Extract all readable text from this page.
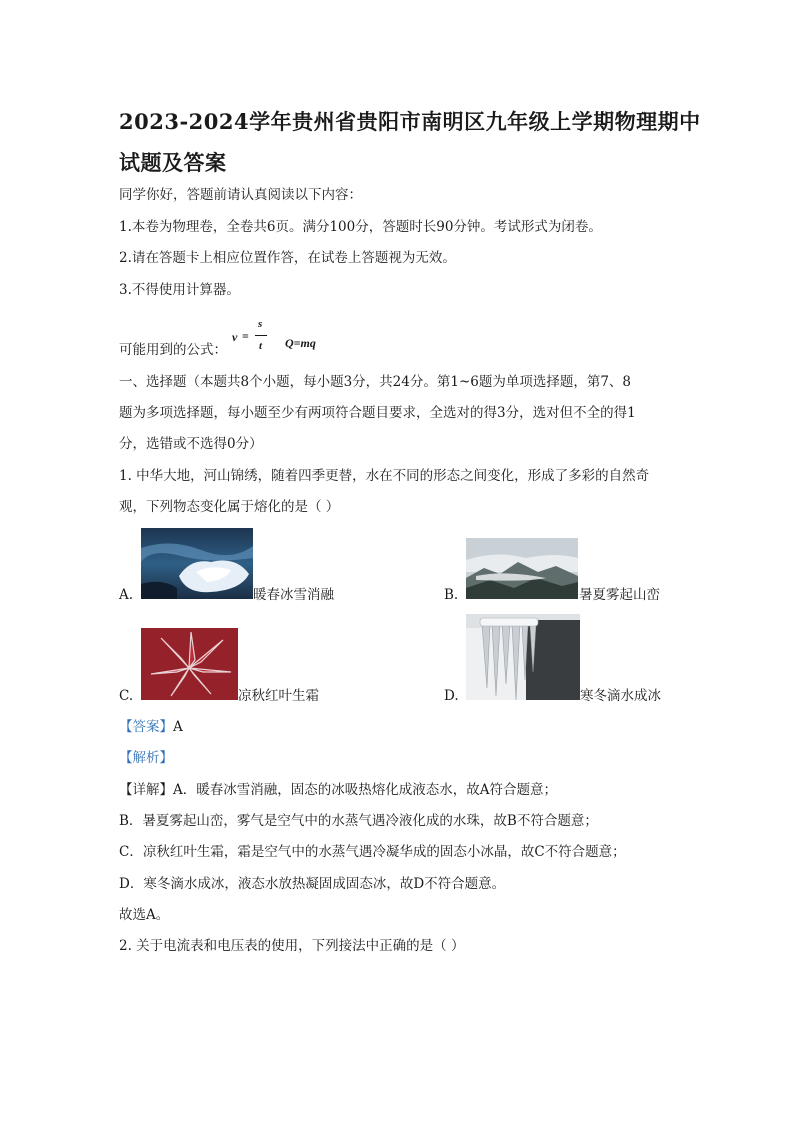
2023-2024学年贵州省贵阳市南明区九年级上学期物理期中
试题及答案
同学你好，答题前请认真阅读以下内容：
1.本卷为物理卷，全卷共6页。满分100分，答题时长90分钟。考试形式为闭卷。
2.请在答题卡上相应位置作答，在试卷上答题视为无效。
3.不得使用计算器。
可能用到的公式：
v =
s
t Q=mq
一、选择题（本题共8个小题，每小题3分，共24分。第1~6题为单项选择题，第7、8
题为多项选择题，每小题至少有两项符合题目要求，全选对的得3分，选对但不全的得1
分，选错或不选得0分）
1. 中华大地，河山锦绣，随着四季更替，水在不同的形态之间变化，形成了多彩的自然奇
观，下列物态变化属于熔化的是（ ）
A.	暖春冰雪消融	B.	暑夏雾起山峦
C.	凉秋红叶生霜	D.	寒冬滴水成冰
【答案】A
【解析】
【详解】A．暖春冰雪消融，固态的冰吸热熔化成液态水，故A符合题意；
B．暑夏雾起山峦，雾气是空气中的水蒸气遇冷液化成的水珠，故B不符合题意；
C．凉秋红叶生霜，霜是空气中的水蒸气遇冷凝华成的固态小冰晶，故C不符合题意；
D．寒冬滴水成冰，液态水放热凝固成固态冰，故D不符合题意。
故选A。
2. 关于电流表和电压表的使用，下列接法中正确的是（ ）
